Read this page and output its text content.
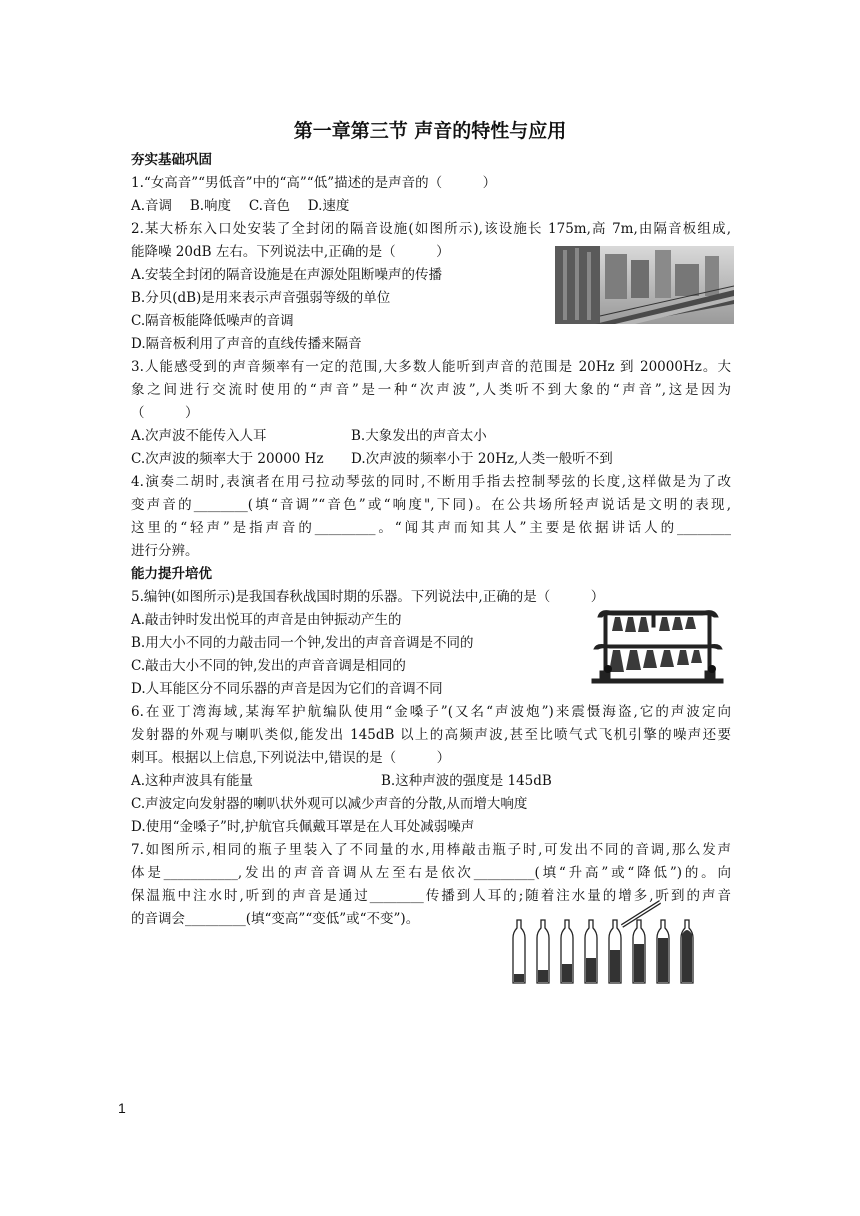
第一章第三节 声音的特性与应用
夯实基础巩固
1.“女高音”“男低音”中的“高”“低”描述的是声音的（　　　）
A.音调　 B.响度　 C.音色　 D.速度
2.某大桥东入口处安装了全封闭的隔音设施(如图所示),该设施长 175m,高 7m,由隔音板组成,
能降噪 20dB 左右。下列说法中,正确的是（　　　）
A.安装全封闭的隔音设施是在声源处阻断噪声的传播
B.分贝(dB)是用来表示声音强弱等级的单位
C.隔音板能降低噪声的音调
D.隔音板利用了声音的直线传播来隔音
3.人能感受到的声音频率有一定的范围,大多数人能听到声音的范围是 20Hz 到 20000Hz。大
象之间进行交流时使用的“声音”是一种“次声波”,人类听不到大象的“声音”,这是因为
（　　　）
A.次声波不能传入人耳	B.大象发出的声音太小
C.次声波的频率大于 20000 Hz D.次声波的频率小于 20Hz,人类一般听不到
4.演奏二胡时,表演者在用弓拉动琴弦的同时,不断用手指去控制琴弦的长度,这样做是为了改
变声音的________(填“音调”“音色”或“响度",下同)。在公共场所轻声说话是文明的表现,
这里的“轻声”是指声音的_________。“闻其声而知其人”主要是依据讲话人的________
进行分辨。
能力提升培优
5.编钟(如图所示)是我国春秋战国时期的乐器。下列说法中,正确的是（　　　）
A.敲击钟时发出悦耳的声音是由钟振动产生的
B.用大小不同的力敲击同一个钟,发出的声音音调是不同的
C.敲击大小不同的钟,发出的声音音调是相同的
D.人耳能区分不同乐器的声音是因为它们的音调不同
6.在亚丁湾海域,某海军护航编队使用“金嗓子”(又名“声波炮”)来震慑海盗,它的声波定向
发射器的外观与喇叭类似,能发出 145dB 以上的高频声波,甚至比喷气式飞机引擎的噪声还要
刺耳。根据以上信息,下列说法中,错误的是（　　　）
A.这种声波具有能量	B.这种声波的强度是 145dB
C.声波定向发射器的喇叭状外观可以减少声音的分散,从而增大响度
D.使用“金嗓子”时,护航官兵佩戴耳罩是在人耳处减弱噪声
7.如图所示,相同的瓶子里装入了不同量的水,用棒敲击瓶子时,可发出不同的音调,那么发声
体是___________,发出的声音音调从左至右是依次_________(填“升高”或“降低”)的。向
保温瓶中注水时,听到的声音是通过________传播到人耳的;随着注水量的增多,听到的声音
的音调会_________(填“变高”“变低”或“不变”)。
1
